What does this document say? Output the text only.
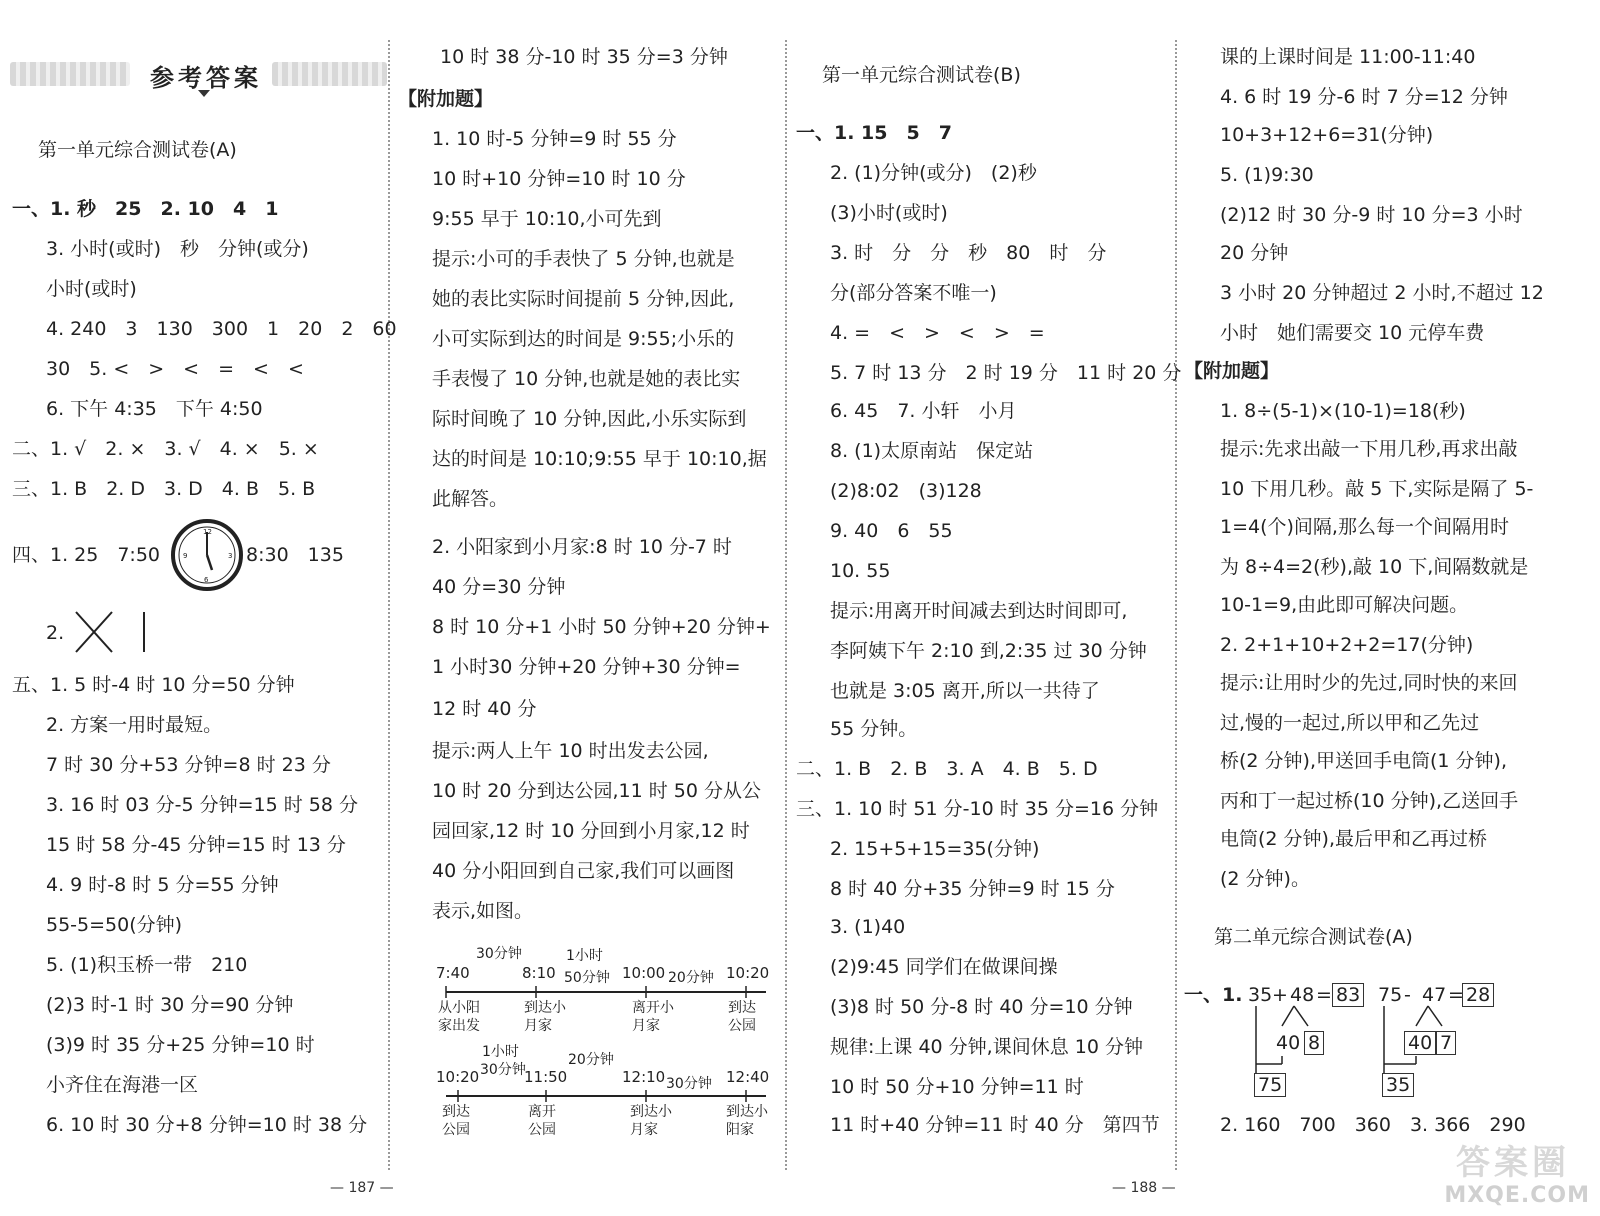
参考答案
第一单元综合测试卷(A)
一、1. 秒　25　2. 10　4　1
3. 小时(或时)　秒　分钟(或分)
小时(或时)
4. 240　3　130　300　1　20　2　60
30　5. <　>　<　=　<　<
6. 下午 4:35　下午 4:50
二、1. √　2. ×　3. √　4. ×　5. ×
三、1. B　2. D　3. D　4. B　5. B
四、1. 25　7:50
12
3
6
9	8:30　135
2.
五、1. 5 时-4 时 10 分=50 分钟
2. 方案一用时最短。
7 时 30 分+53 分钟=8 时 23 分
3. 16 时 03 分-5 分钟=15 时 58 分
15 时 58 分-45 分钟=15 时 13 分
4. 9 时-8 时 5 分=55 分钟
55-5=50(分钟)
5. (1)积玉桥一带　210
(2)3 时-1 时 30 分=90 分钟
(3)9 时 35 分+25 分钟=10 时
小齐住在海港一区
6. 10 时 30 分+8 分钟=10 时 38 分
10 时 38 分-10 时 35 分=3 分钟
【附加题】
1. 10 时-5 分钟=9 时 55 分
10 时+10 分钟=10 时 10 分
9:55 早于 10:10,小可先到
提示:小可的手表快了 5 分钟,也就是
她的表比实际时间提前 5 分钟,因此,
小可实际到达的时间是 9:55;小乐的
手表慢了 10 分钟,也就是她的表比实
际时间晚了 10 分钟,因此,小乐实际到
达的时间是 10:10;9:55 早于 10:10,据
此解答。
2. 小阳家到小月家:8 时 10 分-7 时
40 分=30 分钟
8 时 10 分+1 小时 50 分钟+20 分钟+
1 小时30 分钟+20 分钟+30 分钟=
12 时 40 分
提示:两人上午 10 时出发去公园,
10 时 20 分到达公园,11 时 50 分从公
园回家,12 时 10 分回到小月家,12 时
40 分小阳回到自己家,我们可以画图
表示,如图。
7:40	8:10	10:00	10:20
30分钟	1小时
50分钟	20分钟
从小阳
家出发
到达小
月家
离开小
月家
到达
公园
10:20	11:50	12:10	12:40
1小时
30分钟
20分钟
30分钟
到达
公园
离开
公园
到达小
月家
到达小
阳家
第一单元综合测试卷(B)
一、1. 15　5　7
2. (1)分钟(或分)　(2)秒
(3)小时(或时)
3. 时　分　分　秒　80　时　分
分(部分答案不唯一)
4. =　<　>　<　>　=
5. 7 时 13 分　2 时 19 分　11 时 20 分
6. 45　7. 小轩　小月
8. (1)太原南站　保定站
(2)8:02　(3)128
9. 40　6　55
10. 55
提示:用离开时间减去到达时间即可,
李阿姨下午 2:10 到,2:35 过 30 分钟
也就是 3:05 离开,所以一共待了
55 分钟。
二、1. B　2. B　3. A　4. B　5. D
三、1. 10 时 51 分-10 时 35 分=16 分钟
2. 15+5+15=35(分钟)
8 时 40 分+35 分钟=9 时 15 分
3. (1)40
(2)9:45 同学们在做课间操
(3)8 时 50 分-8 时 40 分=10 分钟
规律:上课 40 分钟,课间休息 10 分钟
10 时 50 分+10 分钟=11 时
11 时+40 分钟=11 时 40 分　第四节
课的上课时间是 11:00-11:40
4. 6 时 19 分-6 时 7 分=12 分钟
10+3+12+6=31(分钟)
5. (1)9:30
(2)12 时 30 分-9 时 10 分=3 小时
20 分钟
3 小时 20 分钟超过 2 小时,不超过 12
小时　她们需要交 10 元停车费
【附加题】
1. 8÷(5-1)×(10-1)=18(秒)
提示:先求出敲一下用几秒,再求出敲
10 下用几秒。敲 5 下,实际是隔了 5-
1=4(个)间隔,那么每一个间隔用时
为 8÷4=2(秒),敲 10 下,间隔数就是
10-1=9,由此即可解决问题。
2. 2+1+10+2+2=17(分钟)
提示:让用时少的先过,同时快的来回
过,慢的一起过,所以甲和乙先过
桥(2 分钟),甲送回手电筒(1 分钟),
丙和丁一起过桥(10 分钟),乙送回手
电筒(2 分钟),最后甲和乙再过桥
(2 分钟)。
第二单元综合测试卷(A)
一、1. 35 + 48 = 83
40 8
75
75 - 47 = 28
40 7
35
2. 160　700　360　3. 366　290
— 187 —	— 188 —
答案圈
MXQE.COM
